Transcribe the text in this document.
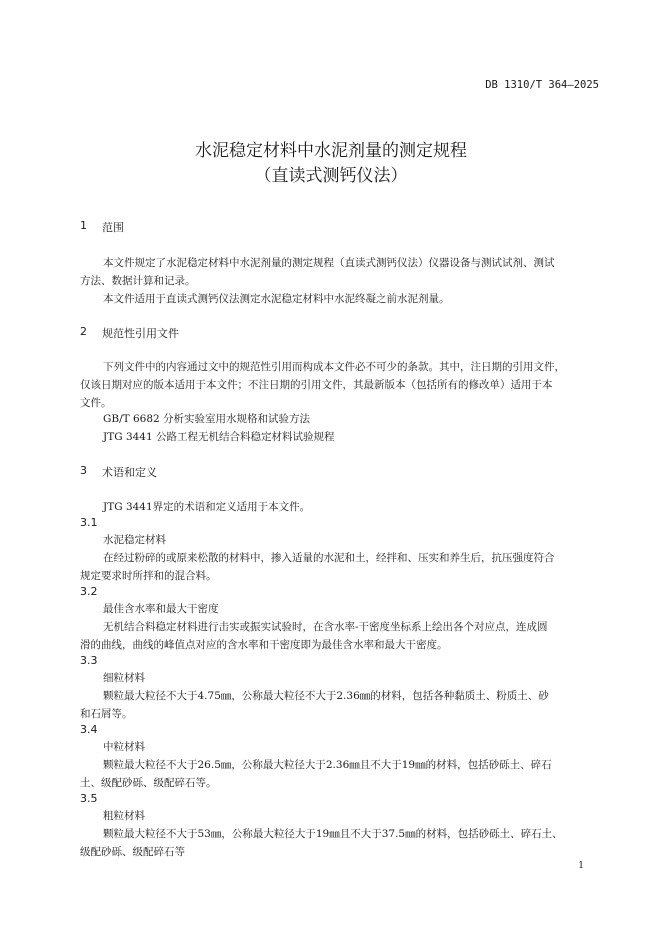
DB 1310/T 364—2025
水泥稳定材料中水泥剂量的测定规程
（直读式测钙仪法）
1 范围
本文件规定了水泥稳定材料中水泥剂量的测定规程（直读式测钙仪法）仪器设备与测试试剂、测试
方法、数据计算和记录。
本文件适用于直读式测钙仪法测定水泥稳定材料中水泥终凝之前水泥剂量。
2 规范性引用文件
下列文件中的内容通过文中的规范性引用而构成本文件必不可少的条款。其中，注日期的引用文件，
仅该日期对应的版本适用于本文件；不注日期的引用文件，其最新版本（包括所有的修改单）适用于本
文件。
GB/T 6682 分析实验室用水规格和试验方法
JTG 3441 公路工程无机结合料稳定材料试验规程
3 术语和定义
JTG 3441界定的术语和定义适用于本文件。
3.1
水泥稳定材料
在经过粉碎的或原来松散的材料中，掺入适量的水泥和土，经拌和、压实和养生后，抗压强度符合
规定要求时所拌和的混合料。
3.2
最佳含水率和最大干密度
无机结合料稳定材料进行击实或振实试验时，在含水率-干密度坐标系上绘出各个对应点，连成圆
滑的曲线，曲线的峰值点对应的含水率和干密度即为最佳含水率和最大干密度。
3.3
细粒材料
颗粒最大粒径不大于4.75㎜，公称最大粒径不大于2.36㎜的材料，包括各种黏质土、粉质土、砂
和石屑等。
3.4
中粒材料
颗粒最大粒径不大于26.5㎜，公称最大粒径大于2.36㎜且不大于19㎜的材料，包括砂砾土、碎石
土、级配砂砾、级配碎石等。
3.5
粗粒材料
颗粒最大粒径不大于53㎜，公称最大粒径大于19㎜且不大于37.5㎜的材料，包括砂砾土、碎石土、
级配砂砾、级配碎石等
1
